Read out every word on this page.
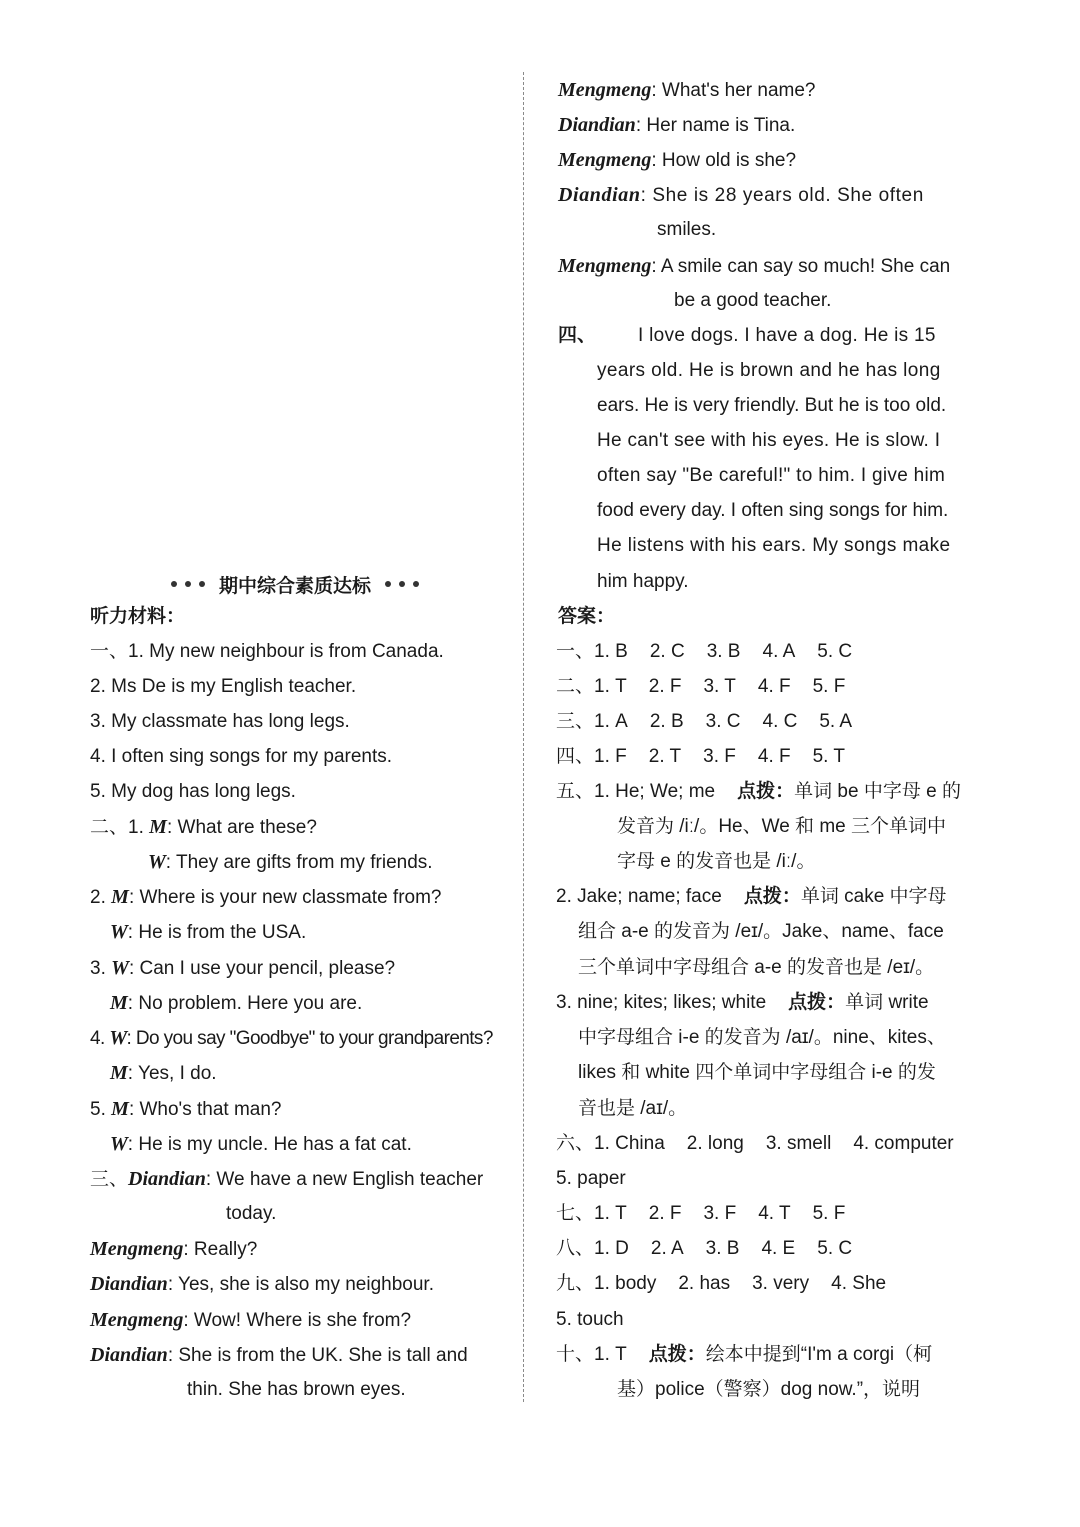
期中综合素质达标
听力材料：
一、1. My new neighbour is from Canada.
2. Ms De is my English teacher.
3. My classmate has long legs.
4. I often sing songs for my parents.
5. My dog has long legs.
二、1. M: What are these?
W: They are gifts from my friends.
2. M: Where is your new classmate from?
W: He is from the USA.
3. W: Can I use your pencil, please?
M: No problem. Here you are.
4. W: Do you say "Goodbye" to your grandparents?
M: Yes, I do.
5. M: Who's that man?
W: He is my uncle. He has a fat cat.
三、Diandian: We have a new English teacher
today.
Mengmeng: Really?
Diandian: Yes, she is also my neighbour.
Mengmeng: Wow! Where is she from?
Diandian: She is from the UK. She is tall and
thin. She has brown eyes.
Mengmeng: What's her name?
Diandian: Her name is Tina.
Mengmeng: How old is she?
Diandian: She is 28 years old. She often
smiles.
Mengmeng: A smile can say so much! She can
be a good teacher.
四、 I love dogs. I have a dog. He is 15
years old. He is brown and he has long
ears. He is very friendly. But he is too old.
He can't see with his eyes. He is slow. I
often say "Be careful!" to him. I give him
food every day. I often sing songs for him.
He listens with his ears. My songs make
him happy.
答案：
一、1. B 2. C 3. B 4. A 5. C
二、1. T 2. F 3. T 4. F 5. F
三、1. A 2. B 3. C 4. C 5. A
四、1. F 2. T 3. F 4. F 5. T
五、1. He; We; me 点拨：单词 be 中字母 e 的
发音为 /iː/。He、We 和 me 三个单词中
字母 e 的发音也是 /iː/。
2. Jake; name; face 点拨：单词 cake 中字母
组合 a-e 的发音为 /eɪ/。Jake、name、face
三个单词中字母组合 a-e 的发音也是 /eɪ/。
3. nine; kites; likes; white 点拨：单词 write
中字母组合 i-e 的发音为 /aɪ/。nine、kites、
likes 和 white 四个单词中字母组合 i-e 的发
音也是 /aɪ/。
六、1. China 2. long 3. smell 4. computer
5. paper
七、1. T 2. F 3. F 4. T 5. F
八、1. D 2. A 3. B 4. E 5. C
九、1. body 2. has 3. very 4. She
5. touch
十、1. T 点拨：绘本中提到“I'm a corgi（柯
基）police（警察）dog now.”，说明
